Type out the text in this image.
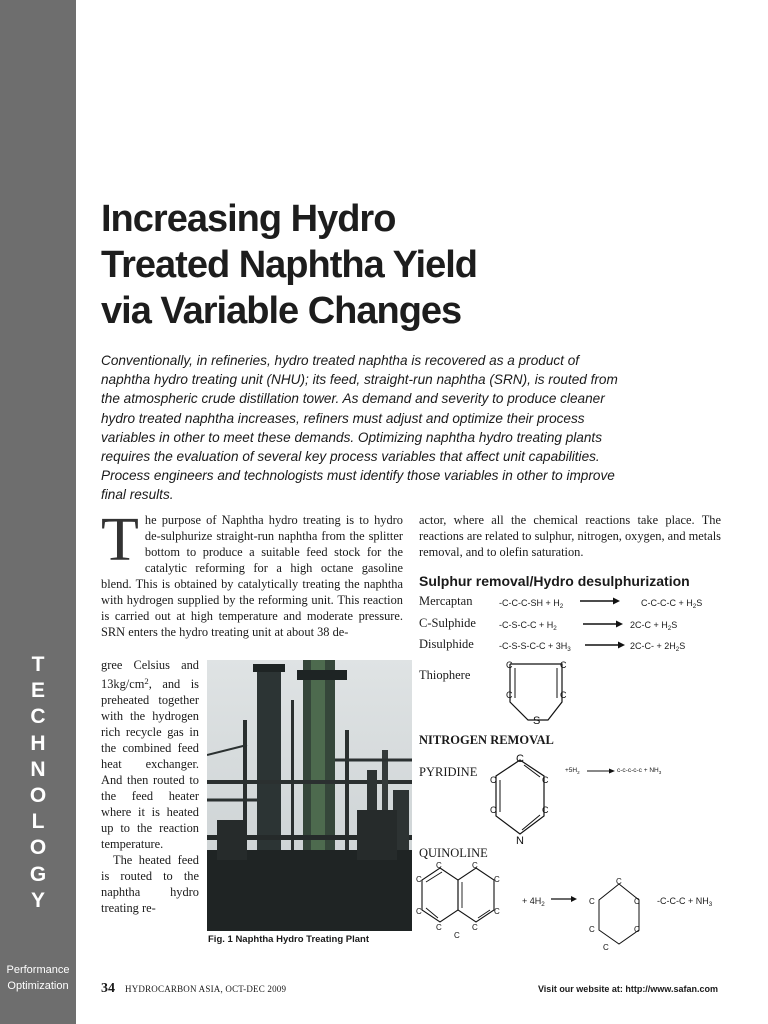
T
E
C
H
N
O
L
O
G
Y
Performance
Optimization
Increasing Hydro
Treated Naphtha Yield
via Variable Changes

Conventionally, in refineries, hydro treated naphtha is recovered as a product of naphtha hydro treating unit (NHU); its feed, straight-run naphtha (SRN), is routed from the atmospheric crude distillation tower. As demand and severity to produce cleaner hydro treated naphtha increases, refiners must adjust and optimize their process variables in other to meet these demands. Optimizing naphtha hydro treating plants requires the evaluation of several key process variables that affect unit capabilities. Process engineers and technologists must identify those variables in other to improve final results.

T he purpose of Naphtha hydro treating is to hydro de-sulphurize straight-run naphtha from the splitter bottom to produce a suitable feed stock for the catalytic reforming for a high octane gasoline blend. This is obtained by catalytically treating the naphtha with hydrogen supplied by the reforming unit. This reaction is carried out at high temperature and moderate pressure. SRN enters the hydro treating unit at about 38 de-
gree Celsius and $13kg/cm^2$, and is preheated together with the hydrogen rich recycle gas in the combined feed heat exchanger. And then routed to the feed heater where it is heated up to the reaction temperature.
The heated feed is routed to the naphtha hydro treating re-
Fig. 1 Naphtha Hydro Treating Plant
actor, where all the chemical reactions take place. The reactions are related to sulphur, nitrogen, oxygen, and metals removal, and to olefin saturation.
Sulphur removal/Hydro desulphurization
Mercaptan	$-C-C-C-SH + H_2 \to C-C-C-C + H_2S$
C-Sulphide	$-C-S-C-C + H_2 \to 2C-C + H_2S$
Disulphide	$-C-S-S-C-C + 3H_3 \to 2C-C- + 2H_2S$
Thiophere
C	C
C	C
S
NITROGEN REMOVAL
PYRIDINE
C
C
C
C
C
N
$+5H_2 \to c-c-c-c-c + NH_3$
QUINOLINE
C	C
C	C
C	C
C	C
C
+ $4H_2$
C
C	C
C	C
C
$-C-C-C + NH_3$
34 HYDROCARBON ASIA, OCT-DEC 2009	Visit our website at: http://www.safan.com
